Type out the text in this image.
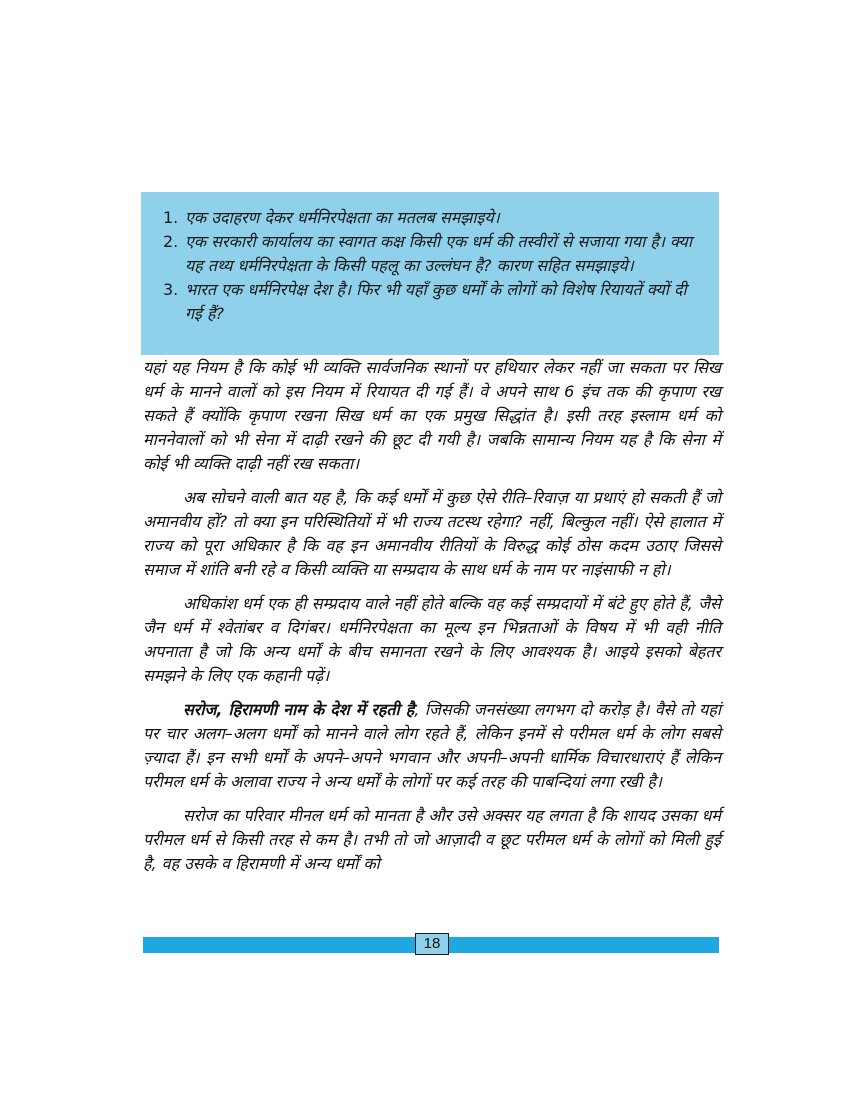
1. एक उदाहरण देकर धर्मनिरपेक्षता का मतलब समझाइये।
2. एक सरकारी कार्यालय का स्वागत कक्ष किसी एक धर्म की तस्वीरों से सजाया गया है। क्या यह तथ्य धर्मनिरपेक्षता के किसी पहलू का उल्लंघन है? कारण सहित समझाइये।
3. भारत एक धर्मनिरपेक्ष देश है। फिर भी यहाँ कुछ धर्मों के लोगों को विशेष रियायतें क्यों दी गई हैं?

यहां यह नियम है कि कोई भी व्यक्ति सार्वजनिक स्थानों पर हथियार लेकर नहीं जा सकता पर सिख धर्म के मानने वालों को इस नियम में रियायत दी गई हैं। वे अपने साथ 6 इंच तक की कृपाण रख सकते हैं क्योंकि कृपाण रखना सिख धर्म का एक प्रमुख सिद्धांत है। इसी तरह इस्लाम धर्म को माननेवालों को भी सेना में दाढ़ी रखने की छूट दी गयी है। जबकि सामान्य नियम यह है कि सेना में कोई भी व्यक्ति दाढ़ी नहीं रख सकता।

अब सोचने वाली बात यह है, कि कई धर्मों में कुछ ऐसे रीति–रिवाज़ या प्रथाएं हो सकती हैं जो अमानवीय हों? तो क्या इन परिस्थितियों में भी राज्य तटस्थ रहेगा? नहीं, बिल्कुल नहीं। ऐसे हालात में राज्य को पूरा अधिकार है कि वह इन अमानवीय रीतियों के विरुद्ध कोई ठोस कदम उठाए जिससे समाज में शांति बनी रहे व किसी व्यक्ति या सम्प्रदाय के साथ धर्म के नाम पर नाइंसाफी न हो।

अधिकांश धर्म एक ही सम्प्रदाय वाले नहीं होते बल्कि वह कई सम्प्रदायों में बंटे हुए होते हैं, जैसे जैन धर्म में श्वेतांबर व दिगंबर। धर्मनिरपेक्षता का मूल्य इन भिन्नताओं के विषय में भी वही नीति अपनाता है जो कि अन्य धर्मों के बीच समानता रखने के लिए आवश्यक है। आइये इसको बेहतर समझने के लिए एक कहानी पढ़ें।

सरोज, हिरामणी नाम के देश में रहती है, जिसकी जनसंख्या लगभग दो करोड़ है। वैसे तो यहां पर चार अलग–अलग धर्मों को मानने वाले लोग रहते हैं, लेकिन इनमें से परीमल धर्म के लोग सबसे ज़्यादा हैं। इन सभी धर्मों के अपने–अपने भगवान और अपनी–अपनी धार्मिक विचारधाराएं हैं लेकिन परीमल धर्म के अलावा राज्य ने अन्य धर्मों के लोगों पर कई तरह की पाबन्दियां लगा रखी है।

सरोज का परिवार मीनल धर्म को मानता है और उसे अक्सर यह लगता है कि शायद उसका धर्म परीमल धर्म से किसी तरह से कम है। तभी तो जो आज़ादी व छूट परीमल धर्म के लोगों को मिली हुई है, वह उसके व हिरामणी में अन्य धर्मों को

18
